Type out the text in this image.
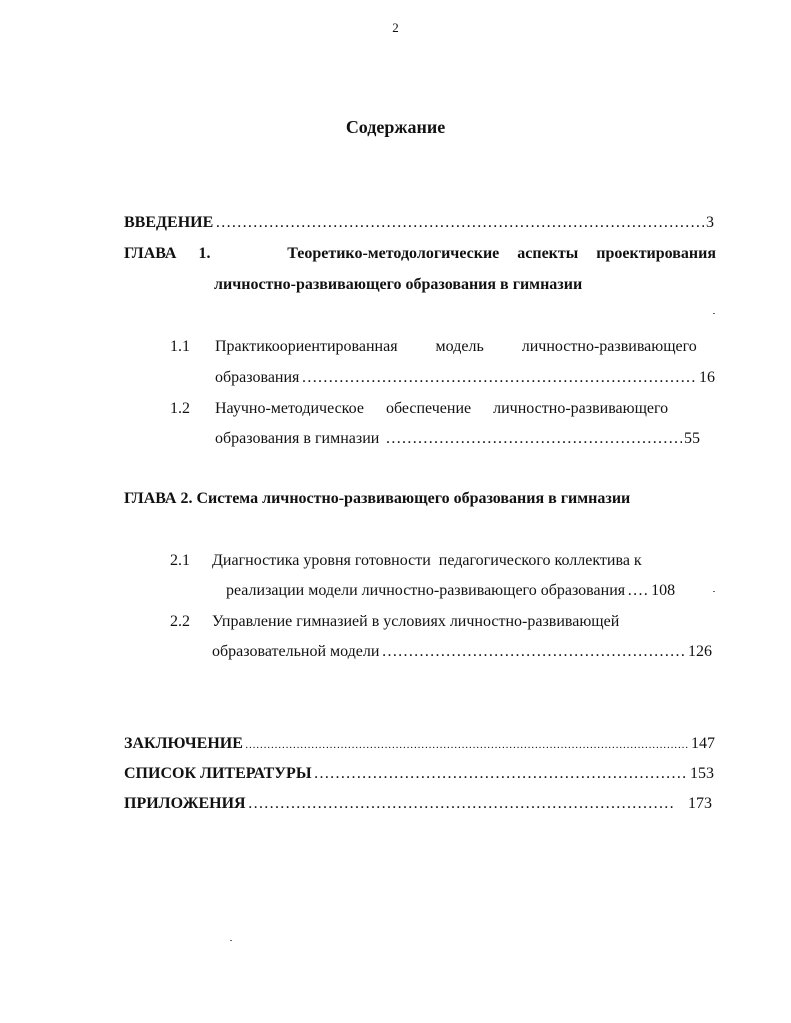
2
Содержание
ВВЕДЕНИЕ ………………………………………………………………………………………………………………………………………………………………………………	3
ГЛАВА 1.	Теоретико-методологические аспекты проектирования
личностно-развивающего образования в гимназии
1.1 Практикоориентированная модель личностно-развивающего
образования ………………………………………………………………………………………………………………………………………………………………………………	16
1.2 Научно-методическое обеспечение личностно-развивающего
образования в гимназии ………………………………………………………………………………………………………………………………………………………………………………	55
ГЛАВА 2. Система личностно-развивающего образования в гимназии
2.1 Диагностика уровня готовности  педагогического коллектива к
реализации модели личностно-развивающего образования ……………………………………………………………………………………………………………………………………………………………………………… 108
2.2 Управление гимназией в условиях личностно-развивающей
образовательной модели ………………………………………………………………………………………………………………………………………………………………………………	126
ЗАКЛЮЧЕНИЕ ………………………………………………………………………………………………………………………………………………………………………………	147
СПИСОК ЛИТЕРАТУРЫ ………………………………………………………………………………………………………………………………………………………………………………	153
ПРИЛОЖЕНИЯ ………………………………………………………………………………………………………………………………………………………………………………	173
